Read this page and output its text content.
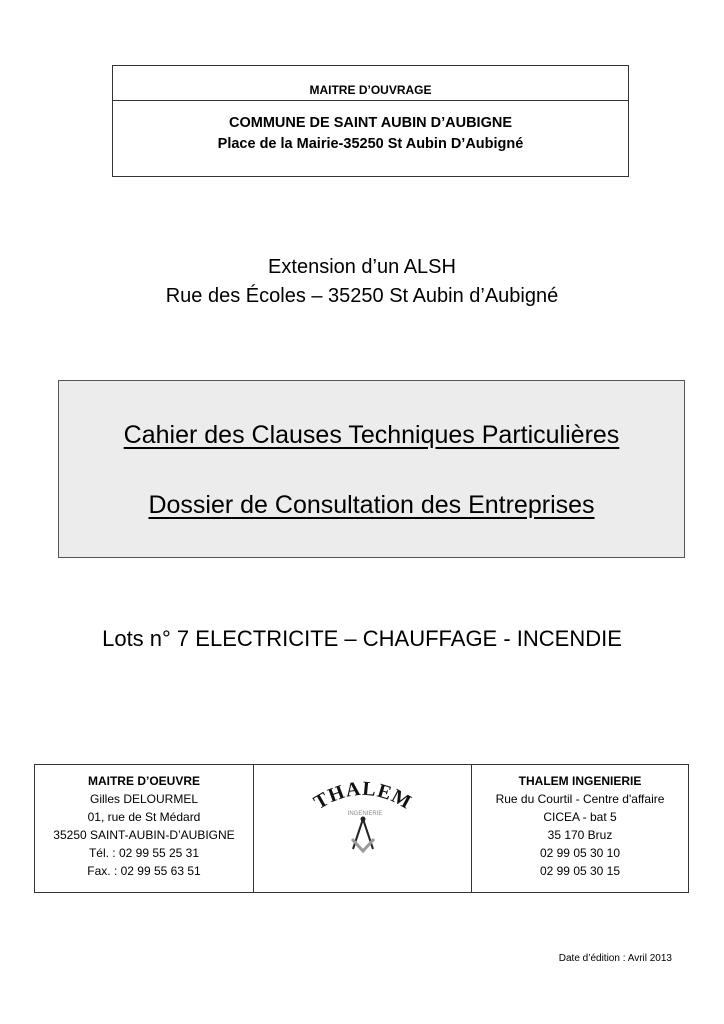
MAITRE D’OUVRAGE
COMMUNE DE SAINT AUBIN D’AUBIGNE
Place de la Mairie-35250 St Aubin D’Aubigné
Extension d’un ALSH
Rue des Écoles – 35250 St Aubin d’Aubigné
Cahier des Clauses Techniques Particulières
Dossier de Consultation des Entreprises
Lots n° 7 ELECTRICITE – CHAUFFAGE - INCENDIE
MAITRE D’OEUVRE
Gilles DELOURMEL
01, rue de St Médard
35250 SAINT-AUBIN-D’AUBIGNE
Tél. : 02 99 55 25 31
Fax. : 02 99 55 63 51
THALEM
INGENIERIE
THALEM INGENIERIE
Rue du Courtil - Centre d'affaire
CICEA - bat 5
35 170 Bruz
02 99 05 30 10
02 99 05 30 15
Date d’édition : Avril 2013
